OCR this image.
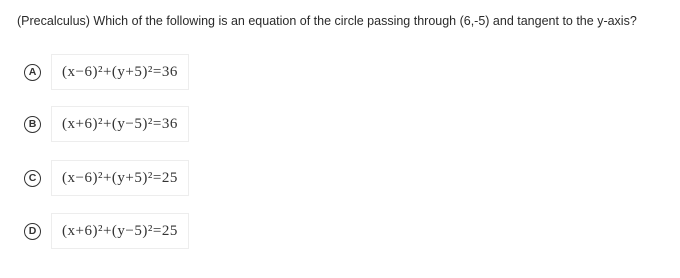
(Precalculus) Which of the following is an equation of the circle passing through (6,-5) and tangent to the y-axis?
A	(x−6)²+(y+5)²=36
B	(x+6)²+(y−5)²=36
C	(x−6)²+(y+5)²=25
D	(x+6)²+(y−5)²=25
